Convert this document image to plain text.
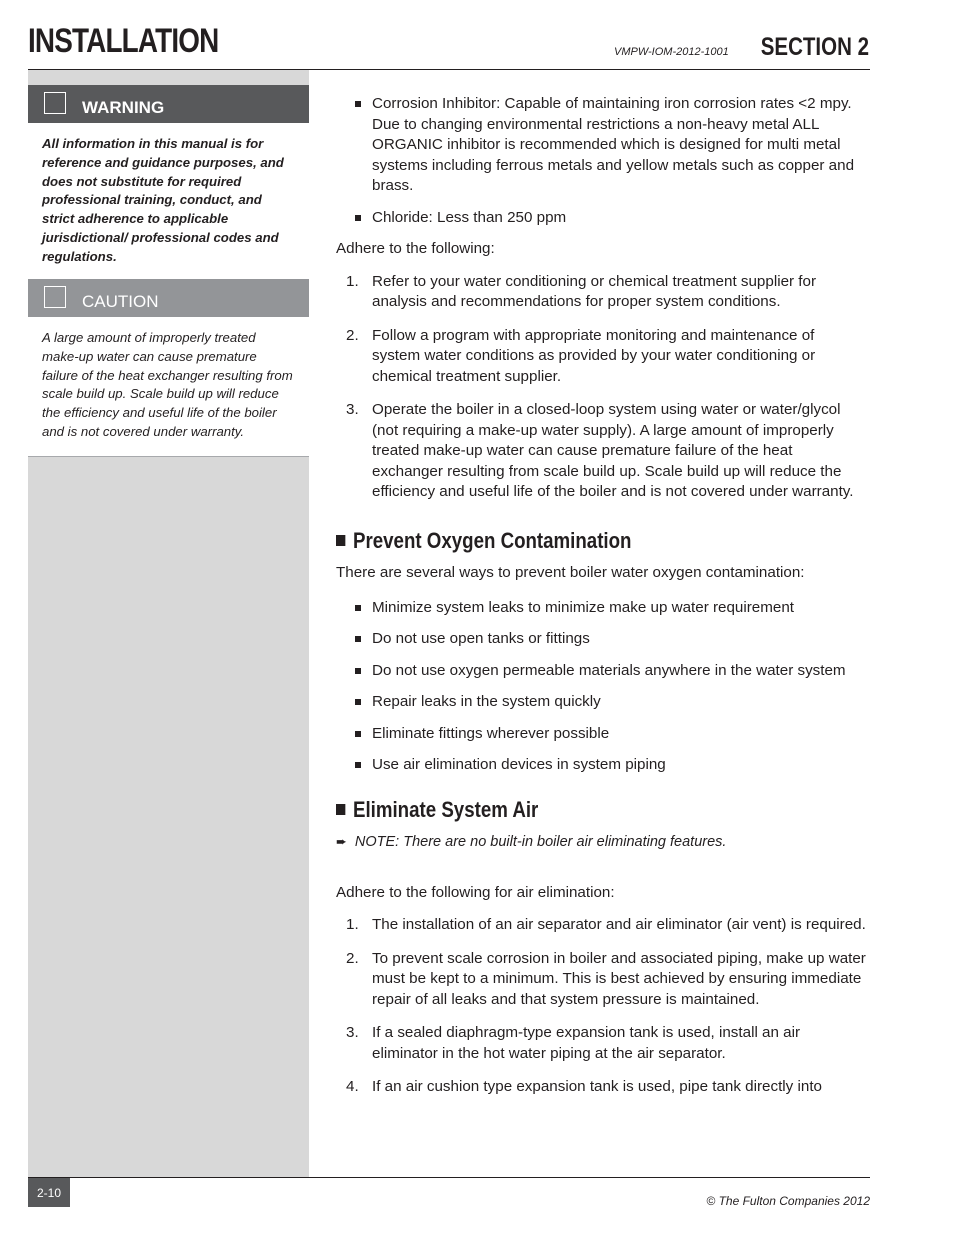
INSTALLATION	VMPW-IOM-2012-1001 SECTION 2
WARNING
All information in this manual is for reference and guidance purposes, and does not substitute for required professional training, conduct, and strict adherence to applicable jurisdictional/ professional codes and regulations.
CAUTION
A large amount of improperly treated make-up water can cause premature failure of the heat exchanger resulting from scale build up. Scale build up will reduce the efficiency and useful life of the boiler and is not covered under warranty.
Corrosion Inhibitor: Capable of maintaining iron corrosion rates <2 mpy. Due to changing environmental restrictions a non-heavy metal ALL ORGANIC inhibitor is recommended which is designed for multi metal systems including ferrous metals and yellow metals such as copper and brass.
Chloride: Less than 250 ppm

Adhere to the following:

1. Refer to your water conditioning or chemical treatment supplier for analysis and recommendations for proper system conditions.
2. Follow a program with appropriate monitoring and maintenance of system water conditions as provided by your water conditioning or chemical treatment supplier.
3. Operate the boiler in a closed-loop system using water or water/glycol (not requiring a make-up water supply). A large amount of improperly treated make-up water can cause premature failure of the heat exchanger resulting from scale build up. Scale build up will reduce the efficiency and useful life of the boiler and is not covered under warranty.
Prevent Oxygen Contamination

There are several ways to prevent boiler water oxygen contamination:

Minimize system leaks to minimize make up water requirement
Do not use open tanks or fittings
Do not use oxygen permeable materials anywhere in the water system
Repair leaks in the system quickly
Eliminate fittings wherever possible
Use air elimination devices in system piping
Eliminate System Air
➨ NOTE: There are no built-in boiler air eliminating features.

Adhere to the following for air elimination:

1. The installation of an air separator and air eliminator (air vent) is required.
2. To prevent scale corrosion in boiler and associated piping, make up water must be kept to a minimum. This is best achieved by ensuring immediate repair of all leaks and that system pressure is maintained.
3. If a sealed diaphragm-type expansion tank is used, install an air eliminator in the hot water piping at the air separator.
4. If an air cushion type expansion tank is used, pipe tank directly into
2-10
© The Fulton Companies 2012
